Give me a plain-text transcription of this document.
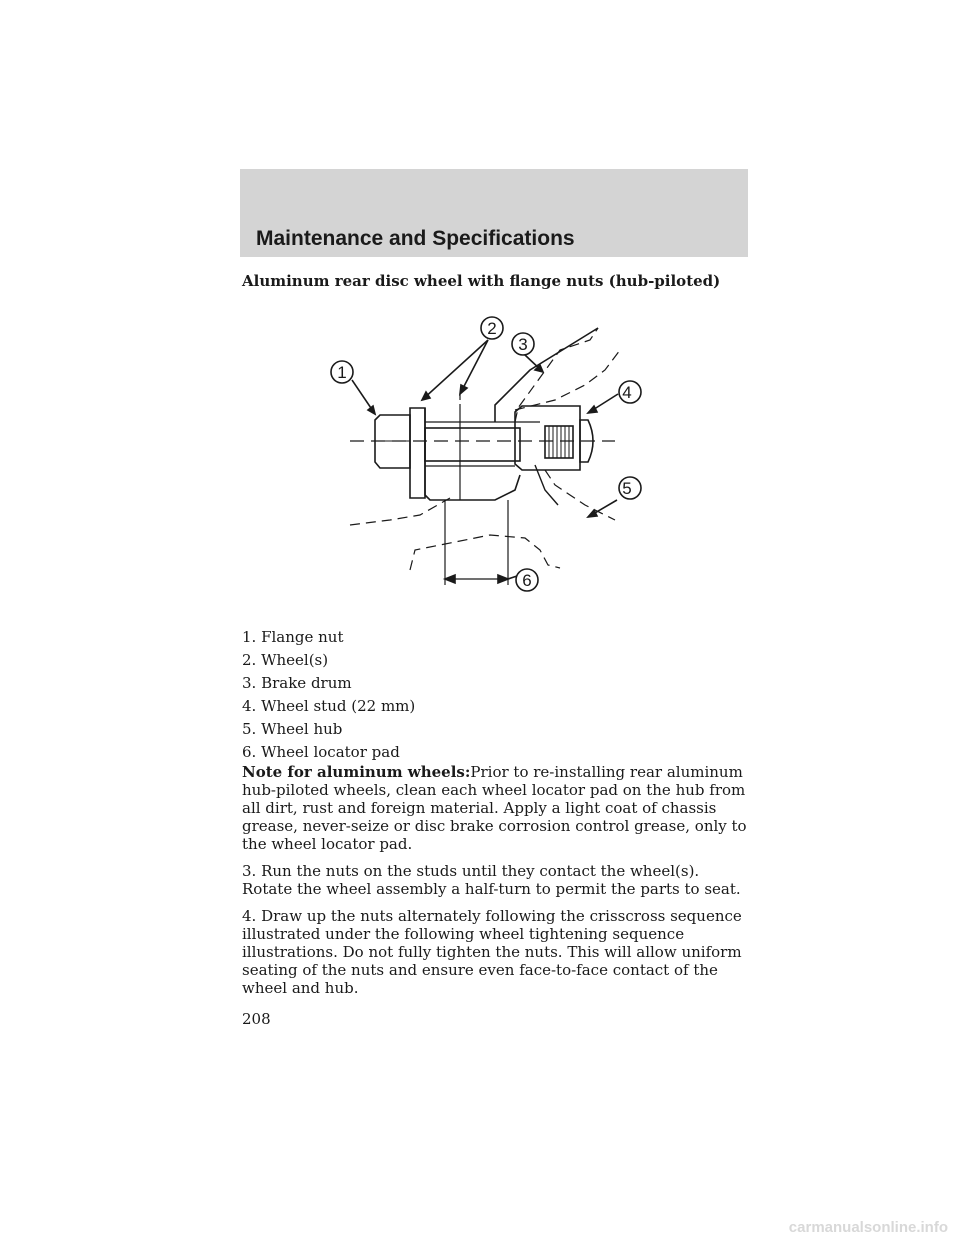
Maintenance and Specifications
Aluminum rear disc wheel with flange nuts (hub-piloted)
1
2
3
4
5
6
1. Flange nut
2. Wheel(s)
3. Brake drum
4. Wheel stud (22 mm)
5. Wheel hub
6. Wheel locator pad

Note for aluminum wheels:Prior to re-installing rear aluminum hub-piloted wheels, clean each wheel locator pad on the hub from all dirt, rust and foreign material. Apply a light coat of chassis grease, never-seize or disc brake corrosion control grease, only to the wheel locator pad.

3. Run the nuts on the studs until they contact the wheel(s). Rotate the wheel assembly a half-turn to permit the parts to seat.

4. Draw up the nuts alternately following the crisscross sequence illustrated under the following wheel tightening sequence illustrations. Do not fully tighten the nuts. This will allow uniform seating of the nuts and ensure even face-to-face contact of the wheel and hub.

208
carmanualsonline.info
